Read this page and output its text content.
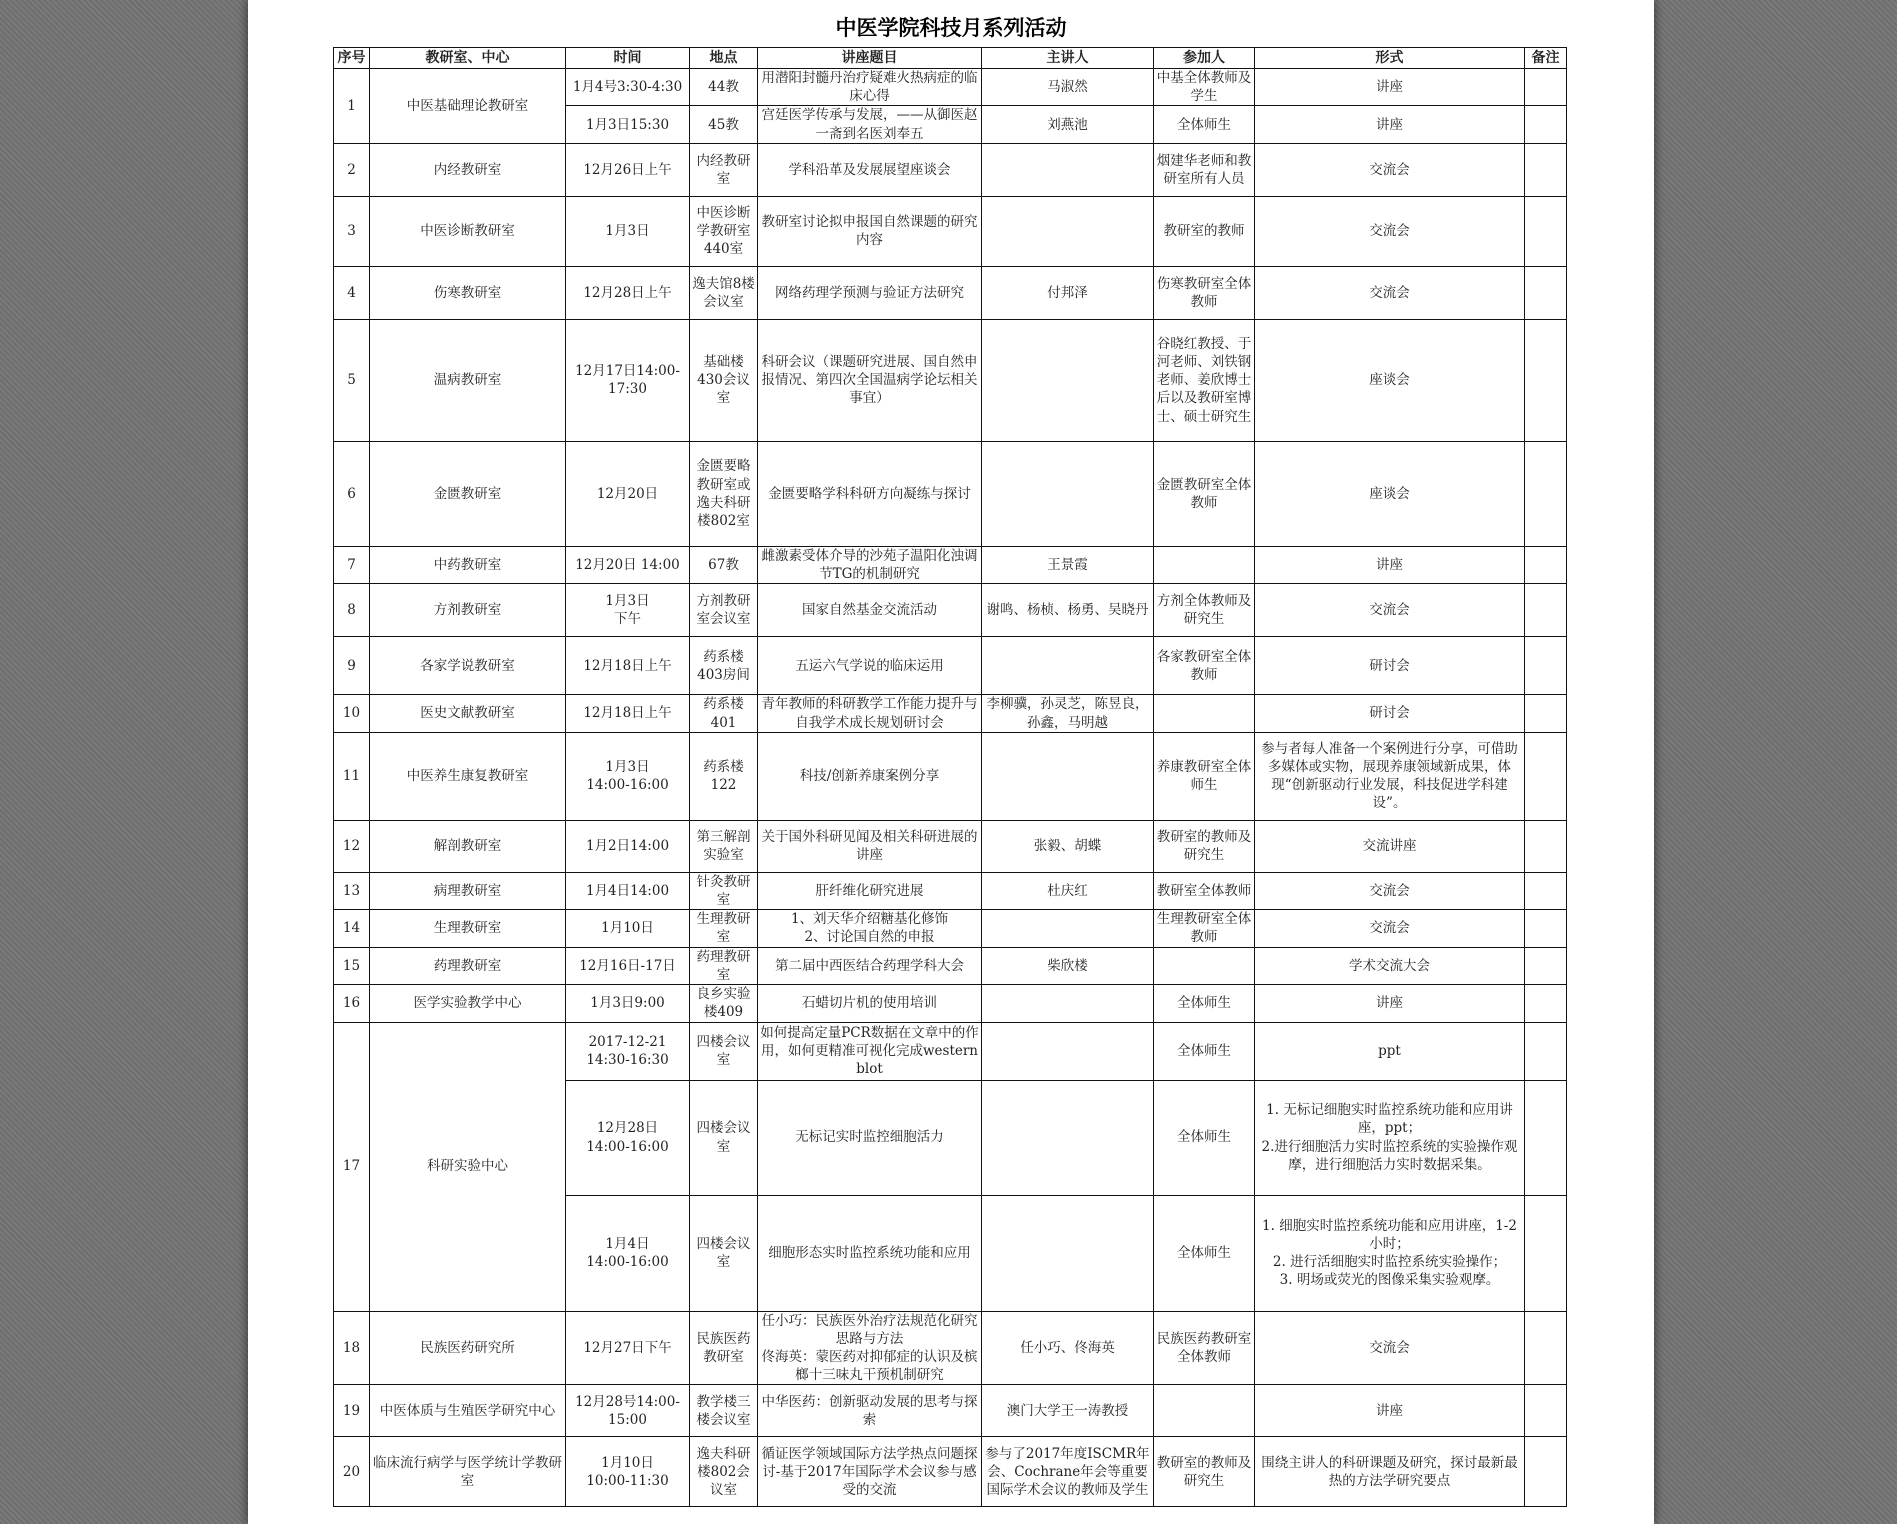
中医学院科技月系列活动
序号	教研室、中心	时间	地点	讲座题目	主讲人	参加人	形式	备注
1	中医基础理论教研室	1月4号3:30-4:30	44教	用潜阳封髓丹治疗疑难火热病症的临床心得	马淑然	中基全体教师及学生	讲座	
		1月3日15:30	45教	宫廷医学传承与发展，——从御医赵一斋到名医刘奉五	刘燕池	全体师生	讲座	
2	内经教研室	12月26日上午	内经教研室	学科沿革及发展展望座谈会		烟建华老师和教研室所有人员	交流会	
3	中医诊断教研室	1月3日	中医诊断学教研室440室	教研室讨论拟申报国自然课题的研究内容		教研室的教师	交流会	
4	伤寒教研室	12月28日上午	逸夫馆8楼会议室	网络药理学预测与验证方法研究	付邦泽	伤寒教研室全体教师	交流会	
5	温病教研室	12月17日14:00-17:30	基础楼430会议室	科研会议（课题研究进展、国自然申报情况、第四次全国温病学论坛相关事宜）		谷晓红教授、于河老师、刘铁钢老师、姜欣博士后以及教研室博士、硕士研究生	座谈会	
6	金匮教研室	12月20日	金匮要略教研室或逸夫科研楼802室	金匮要略学科科研方向凝练与探讨		金匮教研室全体教师	座谈会	
7	中药教研室	12月20日 14:00	67教	雌激素受体介导的沙苑子温阳化浊调节TG的机制研究	王景霞		讲座	
8	方剂教研室	1月3日
下午	方剂教研室会议室	国家自然基金交流活动	谢鸣、杨桢、杨勇、吴晓丹	方剂全体教师及研究生	交流会	
9	各家学说教研室	12月18日上午	药系楼403房间	五运六气学说的临床运用		各家教研室全体教师	研讨会	
10	医史文献教研室	12月18日上午	药系楼401	青年教师的科研教学工作能力提升与自我学术成长规划研讨会	李柳骥，孙灵芝，陈昱良，孙鑫，马明越		研讨会	
11	中医养生康复教研室	1月3日
14:00-16:00	药系楼122	科技/创新养康案例分享		养康教研室全体师生	参与者每人准备一个案例进行分享，可借助多媒体或实物，展现养康领域新成果，体现“创新驱动行业发展，科技促进学科建设”。	
12	解剖教研室	1月2日14:00	第三解剖实验室	关于国外科研见闻及相关科研进展的讲座	张毅、胡蝶	教研室的教师及研究生	交流讲座	
13	病理教研室	1月4日14:00	针灸教研室	肝纤维化研究进展	杜庆红	教研室全体教师	交流会	
14	生理教研室	1月10日	生理教研室	1、刘天华介绍糖基化修饰
2、讨论国自然的申报		生理教研室全体教师	交流会	
15	药理教研室	12月16日-17日	药理教研室	第二届中西医结合药理学科大会	柴欣楼		学术交流大会	
16	医学实验教学中心	1月3日9:00	良乡实验楼409	石蜡切片机的使用培训		全体师生	讲座	
17	科研实验中心	2017-12-21
14:30-16:30	四楼会议室	如何提高定量PCR数据在文章中的作用，如何更精准可视化完成western blot		全体师生	ppt	
		12月28日
14:00-16:00	四楼会议室	无标记实时监控细胞活力		全体师生	1. 无标记细胞实时监控系统功能和应用讲座，ppt；
2.进行细胞活力实时监控系统的实验操作观摩，进行细胞活力实时数据采集。	
		1月4日
14:00-16:00	四楼会议室	细胞形态实时监控系统功能和应用		全体师生	1. 细胞实时监控系统功能和应用讲座，1-2小时；
2. 进行活细胞实时监控系统实验操作；
3. 明场或荧光的图像采集实验观摩。	
18	民族医药研究所	12月27日下午	民族医药教研室	任小巧：民族医外治疗法规范化研究思路与方法
佟海英：蒙医药对抑郁症的认识及槟榔十三味丸干预机制研究	任小巧、佟海英	民族医药教研室全体教师	交流会	
19	中医体质与生殖医学研究中心	12月28号14:00-15:00	教学楼三楼会议室	中华医药：创新驱动发展的思考与探索	澳门大学王一涛教授		讲座	
20	临床流行病学与医学统计学教研室	1月10日
10:00-11:30	逸夫科研楼802会议室	循证医学领域国际方法学热点问题探讨-基于2017年国际学术会议参与感受的交流	参与了2017年度ISCMR年会、Cochrane年会等重要国际学术会议的教师及学生	教研室的教师及研究生	围绕主讲人的科研课题及研究，探讨最新最热的方法学研究要点	
